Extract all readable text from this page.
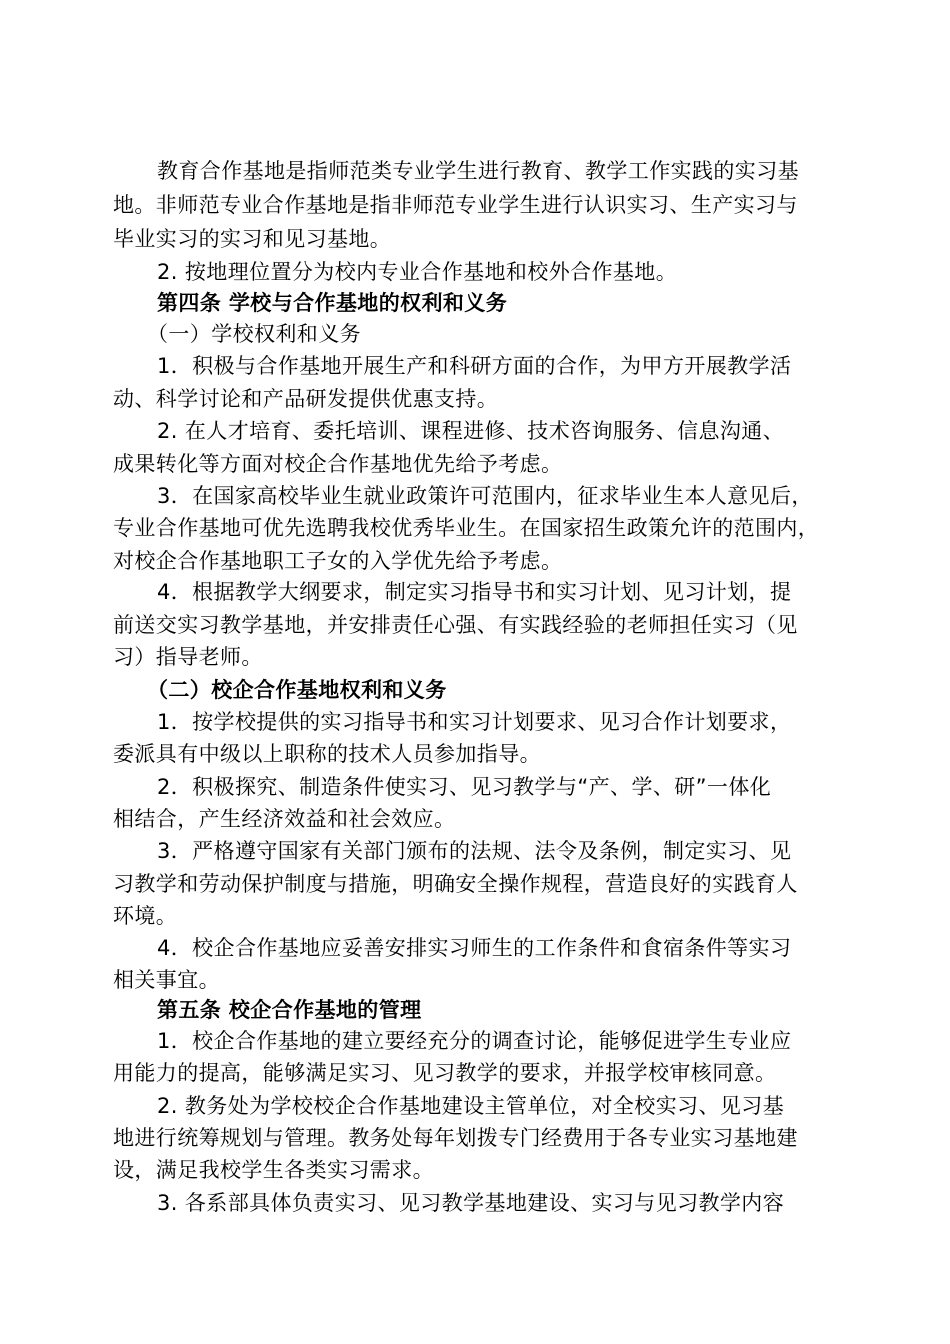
教育合作基地是指师范类专业学生进行教育、教学工作实践的实习基
地。非师范专业合作基地是指非师范专业学生进行认识实习、生产实习与
毕业实习的实习和见习基地。
2. 按地理位置分为校内专业合作基地和校外合作基地。
第四条 学校与合作基地的权利和义务
（一）学校权利和义务
1．积极与合作基地开展生产和科研方面的合作，为甲方开展教学活
动、科学讨论和产品研发提供优惠支持。
2. 在人才培育、委托培训、课程进修、技术咨询服务、信息沟通、
成果转化等方面对校企合作基地优先给予考虑。
3．在国家高校毕业生就业政策许可范围内，征求毕业生本人意见后，
专业合作基地可优先选聘我校优秀毕业生。在国家招生政策允许的范围内，
对校企合作基地职工子女的入学优先给予考虑。
4．根据教学大纲要求，制定实习指导书和实习计划、见习计划，提
前送交实习教学基地，并安排责任心强、有实践经验的老师担任实习（见
习）指导老师。
（二）校企合作基地权利和义务
1．按学校提供的实习指导书和实习计划要求、见习合作计划要求，
委派具有中级以上职称的技术人员参加指导。
2．积极探究、制造条件使实习、见习教学与“产、学、研”一体化
相结合，产生经济效益和社会效应。
3．严格遵守国家有关部门颁布的法规、法令及条例，制定实习、见
习教学和劳动保护制度与措施，明确安全操作规程，营造良好的实践育人
环境。
4．校企合作基地应妥善安排实习师生的工作条件和食宿条件等实习
相关事宜。
第五条 校企合作基地的管理
1．校企合作基地的建立要经充分的调查讨论，能够促进学生专业应
用能力的提高，能够满足实习、见习教学的要求，并报学校审核同意。
2. 教务处为学校校企合作基地建设主管单位，对全校实习、见习基
地进行统筹规划与管理。教务处每年划拨专门经费用于各专业实习基地建
设，满足我校学生各类实习需求。
3. 各系部具体负责实习、见习教学基地建设、实习与见习教学内容
